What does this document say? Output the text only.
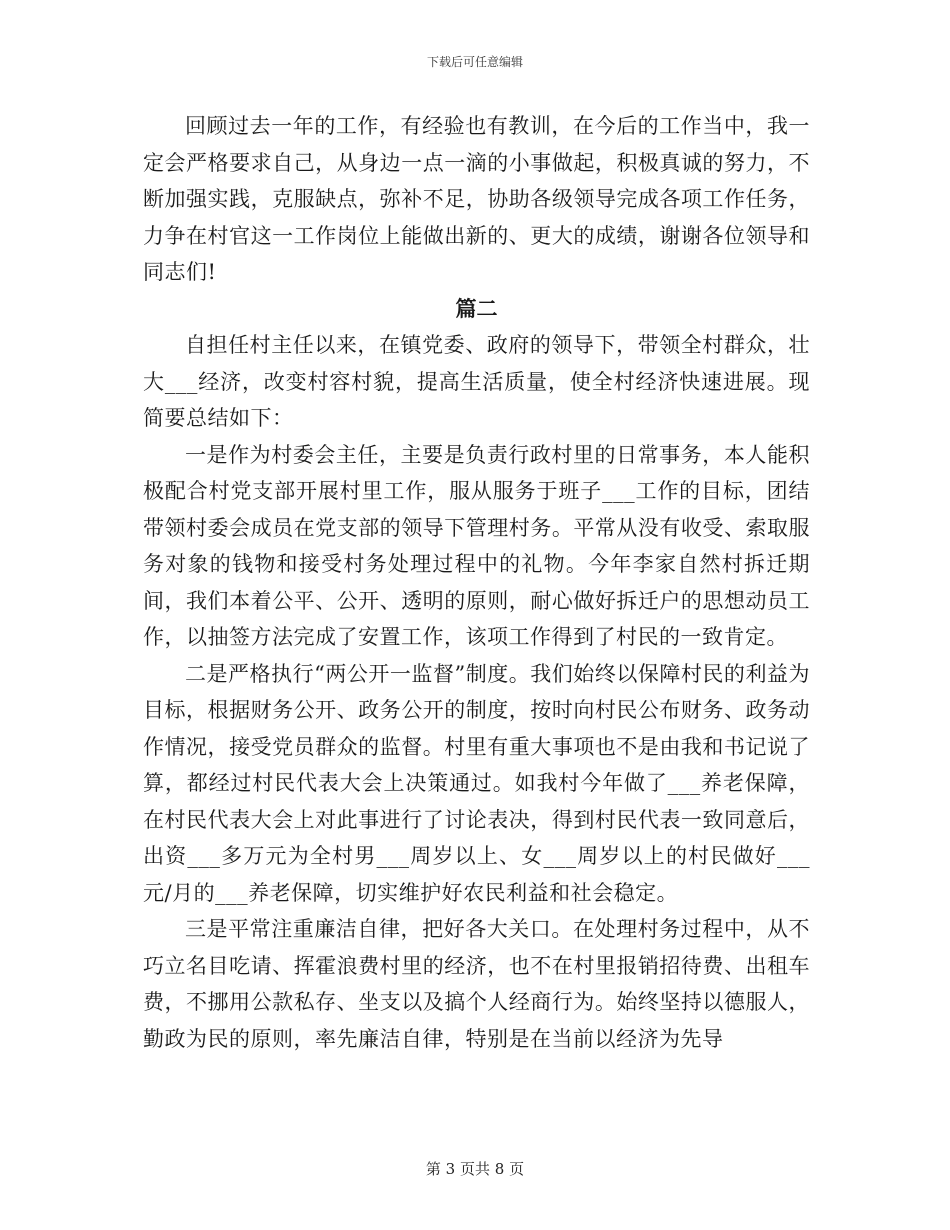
下载后可任意编辑

回顾过去一年的工作，有经验也有教训，在今后的工作当中，我一定会严格要求自己，从身边一点一滴的小事做起，积极真诚的努力，不断加强实践，克服缺点，弥补不足，协助各级领导完成各项工作任务，力争在村官这一工作岗位上能做出新的、更大的成绩，谢谢各位领导和同志们!

篇二

自担任村主任以来，在镇党委、政府的领导下，带领全村群众，壮大___经济，改变村容村貌，提高生活质量，使全村经济快速进展。现简要总结如下：

一是作为村委会主任，主要是负责行政村里的日常事务，本人能积极配合村党支部开展村里工作，服从服务于班子___工作的目标，团结带领村委会成员在党支部的领导下管理村务。平常从没有收受、索取服务对象的钱物和接受村务处理过程中的礼物。今年李家自然村拆迁期间，我们本着公平、公开、透明的原则，耐心做好拆迁户的思想动员工作，以抽签方法完成了安置工作，该项工作得到了村民的一致肯定。

二是严格执行“两公开一监督”制度。我们始终以保障村民的利益为目标，根据财务公开、政务公开的制度，按时向村民公布财务、政务动作情况，接受党员群众的监督。村里有重大事项也不是由我和书记说了算，都经过村民代表大会上决策通过。如我村今年做了___养老保障，在村民代表大会上对此事进行了讨论表决，得到村民代表一致同意后，出资___多万元为全村男___周岁以上、女___周岁以上的村民做好___元/月的___养老保障，切实维护好农民利益和社会稳定。

三是平常注重廉洁自律，把好各大关口。在处理村务过程中，从不巧立名目吃请、挥霍浪费村里的经济，也不在村里报销招待费、出租车费，不挪用公款私存、坐支以及搞个人经商行为。始终坚持以德服人，勤政为民的原则，率先廉洁自律，特别是在当前以经济为先导

第 3 页共 8 页
